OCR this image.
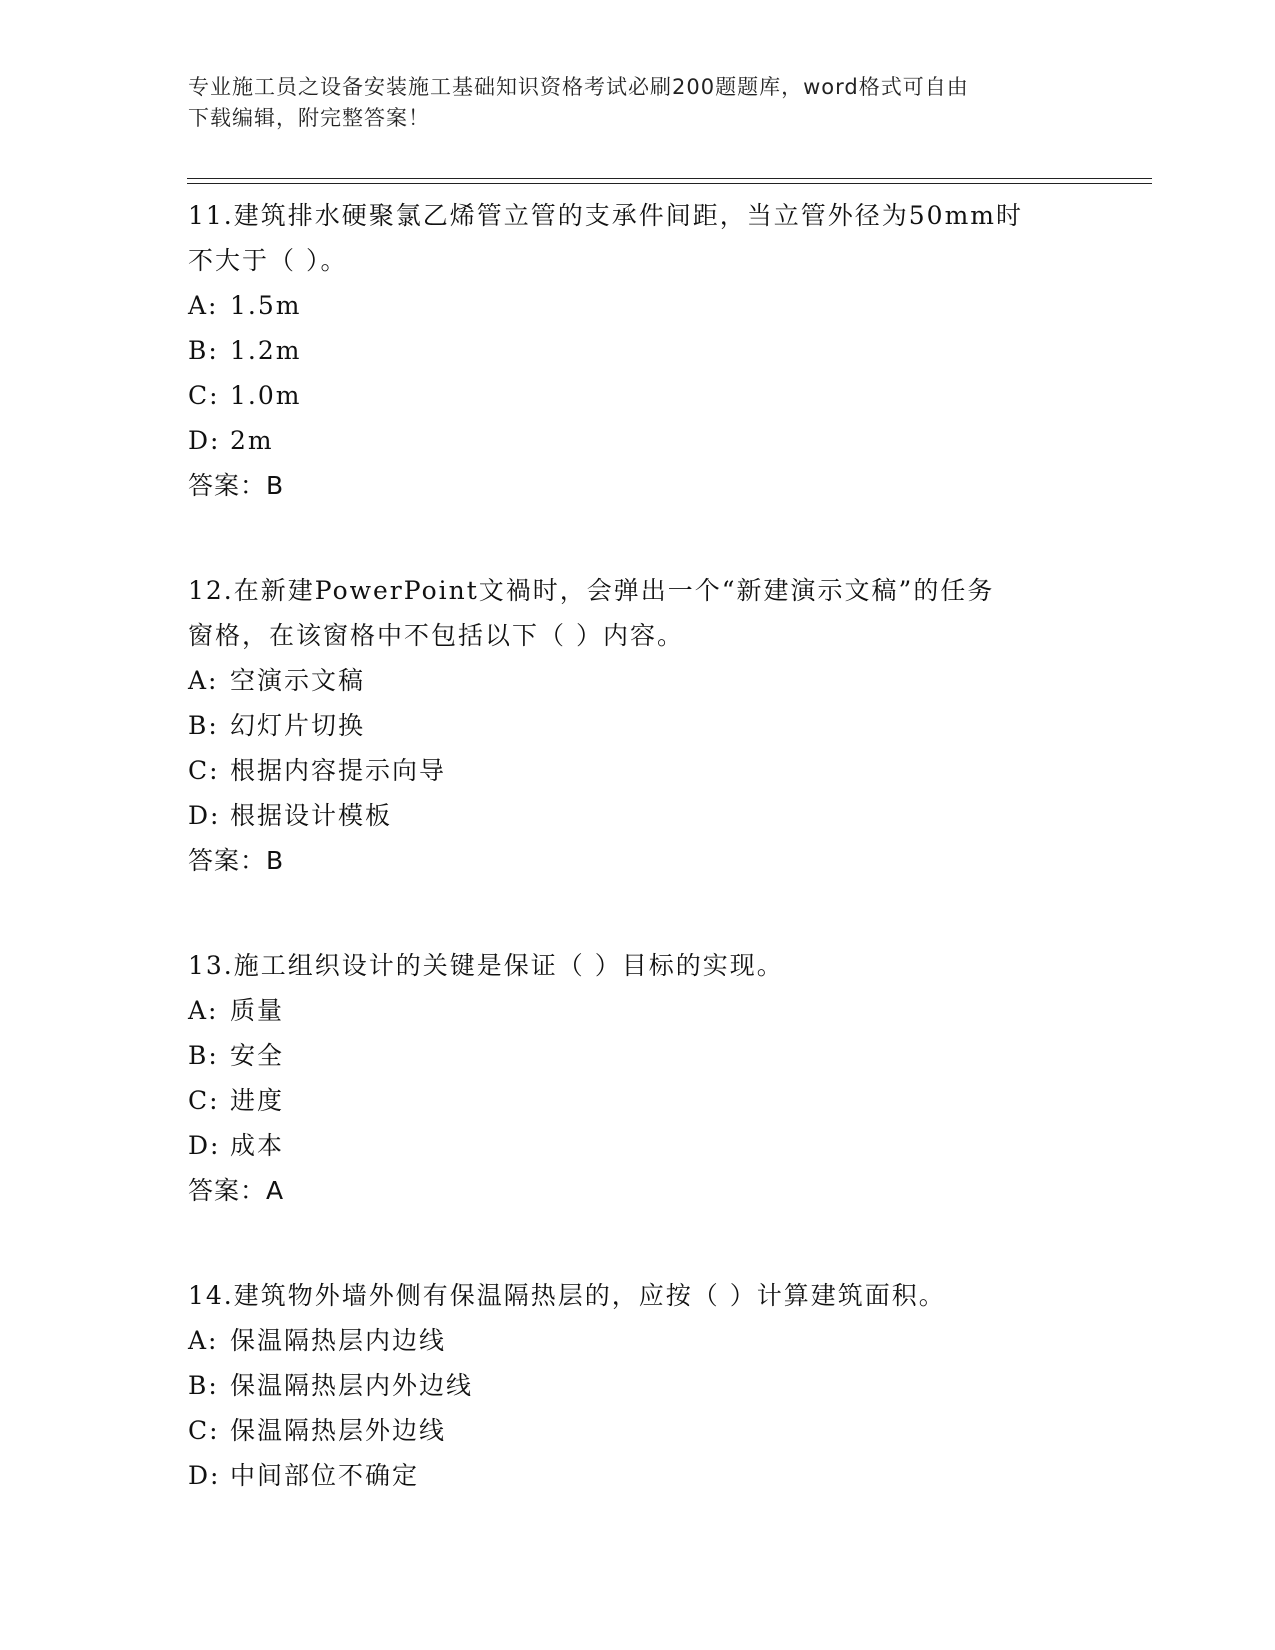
专业施工员之设备安装施工基础知识资格考试必刷200题题库，word格式可自由
下载编辑，附完整答案！

11.建筑排水硬聚氯乙烯管立管的支承件间距，当立管外径为50mm时

不大于（ ）。

A: 1.5m

B: 1.2m

C: 1.0m

D: 2m

答案：B

12.在新建PowerPoint文禍时，会弹出一个“新建演示文稿”的任务

窗格，在该窗格中不包括以下（ ）内容。

A: 空演示文稿

B: 幻灯片切换

C: 根据内容提示向导

D: 根据设计模板

答案：B

13.施工组织设计的关键是保证（ ）目标的实现。

A: 质量

B: 安全

C: 进度

D: 成本

答案：A

14.建筑物外墙外侧有保温隔热层的，应按（ ）计算建筑面积。

A: 保温隔热层内边线

B: 保温隔热层内外边线

C: 保温隔热层外边线

D: 中间部位不确定
